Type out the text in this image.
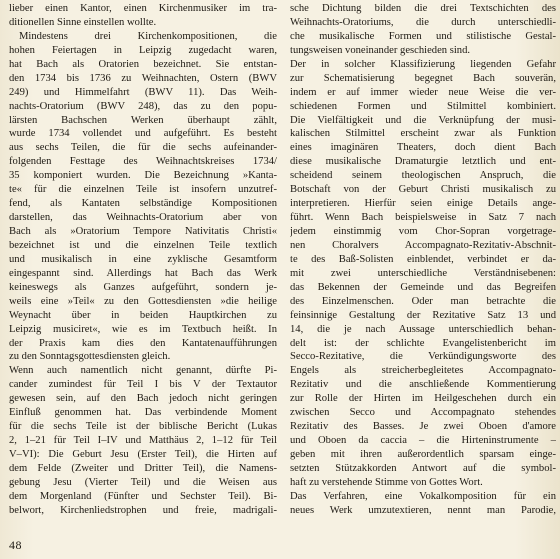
lieber einen Kantor, einen Kirchenmusiker im tra-
ditionellen Sinne einstellen wollte.
Mindestens drei Kirchenkompositionen, die
hohen Feiertagen in Leipzig zugedacht waren,
hat Bach als Oratorien bezeichnet. Sie entstan-
den 1734 bis 1736 zu Weihnachten, Ostern (BWV
249) und Himmelfahrt (BWV 11). Das Weih-
nachts-Oratorium (BWV 248), das zu den popu-
lärsten Bachschen Werken überhaupt zählt,
wurde 1734 vollendet und aufgeführt. Es besteht
aus sechs Teilen, die für die sechs aufeinander-
folgenden Festtage des Weihnachtskreises 1734/
35 komponiert wurden. Die Bezeichnung »Kanta-
te« für die einzelnen Teile ist insofern unzutref-
fend, als Kantaten selbständige Kompositionen
darstellen, das Weihnachts-Oratorium aber von
Bach als »Oratorium Tempore Nativitatis Christi«
bezeichnet ist und die einzelnen Teile textlich
und musikalisch in eine zyklische Gesamtform
eingespannt sind. Allerdings hat Bach das Werk
keineswegs als Ganzes aufgeführt, sondern je-
weils eine »Teil« zu den Gottesdiensten »die heilige
Weynacht über in beiden Hauptkirchen zu
Leipzig musiciret«, wie es im Textbuch heißt. In
der Praxis kam dies den Kantatenaufführungen
zu den Sonntagsgottesdiensten gleich.
Wenn auch namentlich nicht genannt, dürfte Pi-
cander zumindest für Teil I bis V der Textautor
gewesen sein, auf den Bach jedoch nicht geringen
Einfluß genommen hat. Das verbindende Moment
für die sechs Teile ist der biblische Bericht (Lukas
2, 1–21 für Teil I–IV und Matthäus 2, 1–12 für Teil
V–VI): Die Geburt Jesu (Erster Teil), die Hirten auf
dem Felde (Zweiter und Dritter Teil), die Namens-
gebung Jesu (Vierter Teil) und die Weisen aus
dem Morgenland (Fünfter und Sechster Teil). Bi-
belwort, Kirchenliedstrophen und freie, madrigali-
sche Dichtung bilden die drei Textschichten des
Weihnachts-Oratoriums, die durch unterschiedli-
che musikalische Formen und stilistische Gestal-
tungsweisen voneinander geschieden sind.
Der in solcher Klassifizierung liegenden Gefahr
zur Schematisierung begegnet Bach souverän,
indem er auf immer wieder neue Weise die ver-
schiedenen Formen und Stilmittel kombiniert.
Die Vielfältigkeit und die Verknüpfung der musi-
kalischen Stilmittel erscheint zwar als Funktion
eines imaginären Theaters, doch dient Bach
diese musikalische Dramaturgie letztlich und ent-
scheidend seinem theologischen Anspruch, die
Botschaft von der Geburt Christi musikalisch zu
interpretieren. Hierfür seien einige Details ange-
führt. Wenn Bach beispielsweise in Satz 7 nach
jedem einstimmig vom Chor-Sopran vorgetrage-
nen Choralvers Accompagnato-Rezitativ-Abschnit-
te des Baß-Solisten einblendet, verbindet er da-
mit zwei unterschiedliche Verständnisebenen:
das Bekennen der Gemeinde und das Begreifen
des Einzelmenschen. Oder man betrachte die
feinsinnige Gestaltung der Rezitative Satz 13 und
14, die je nach Aussage unterschiedlich behan-
delt ist: der schlichte Evangelistenbericht im
Secco-Rezitative, die Verkündigungsworte des
Engels als streicherbegleitetes Accompagnato-
Rezitativ und die anschließende Kommentierung
zur Rolle der Hirten im Heilgeschehen durch ein
zwischen Secco und Accompagnato stehendes
Rezitativ des Basses. Je zwei Oboen d'amore
und Oboen da caccia – die Hirteninstrumente –
geben mit ihren außerordentlich sparsam einge-
setzten Stützakkorden Antwort auf die symbol-
haft zu verstehende Stimme von Gottes Wort.
Das Verfahren, eine Vokalkomposition für ein
neues Werk umzutextieren, nennt man Parodie,
48
